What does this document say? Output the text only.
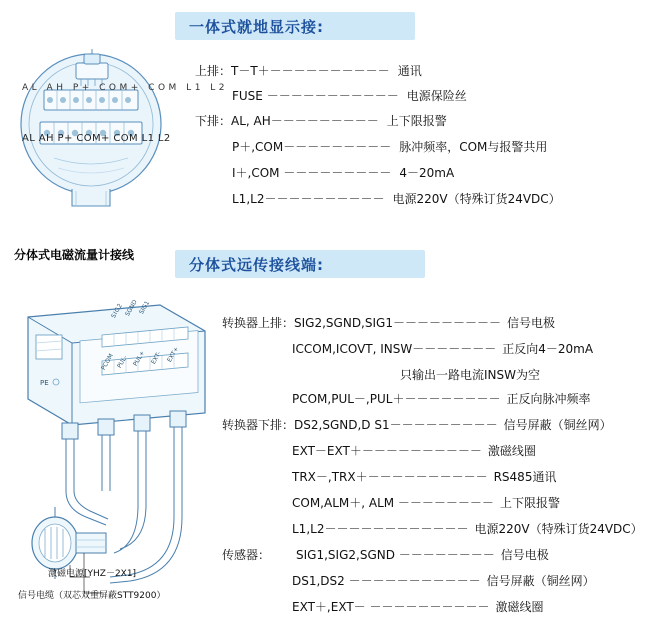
一体式就地显示接:
AL AH P+ COM+ COM L1 L2
AL AH P+ COM+ COM L1 L2
上排：T－T＋－－－－－－－－－－ 通讯
FUSE －－－－－－－－－－－ 电源保险丝
下排：AL, AH－－－－－－－－－ 上下限报警
P＋,COM－－－－－－－－－ 脉冲频率，COM与报警共用
I＋,COM －－－－－－－－－ 4－20mA
L1,L2－－－－－－－－－－ 电源220V（特殊订货24VDC）
分体式电磁流量计接线
分体式远传接线端:
PE
激磁电源[YHZ－2X1]
信号电缆（双芯双重屏蔽STT9200）
SIG2 SGND SIG1
PCOM PUL- PUL+ EXT- EXT+
转换器上排：SIG2,SGND,SIG1－－－－－－－－－ 信号电极
ICCOM,ICOVT, INSW－－－－－－－ 正反向4－20mA
只输出一路电流INSW为空
PCOM,PUL－,PUL＋－－－－－－－－ 正反向脉冲频率
转换器下排：DS2,SGND,D S1－－－－－－－－－ 信号屏蔽（铜丝网）
EXT－EXT＋－－－－－－－－－－ 激磁线圈
TRX－,TRX＋－－－－－－－－－－ RS485通讯
COM,ALM＋, ALM －－－－－－－－ 上下限报警
L1,L2－－－－－－－－－－－－ 电源220V（特殊订货24VDC）
传感器： SIG1,SIG2,SGND －－－－－－－－ 信号电极
DS1,DS2 －－－－－－－－－－－ 信号屏蔽（铜丝网）
EXT＋,EXT－ －－－－－－－－－－ 激磁线圈
